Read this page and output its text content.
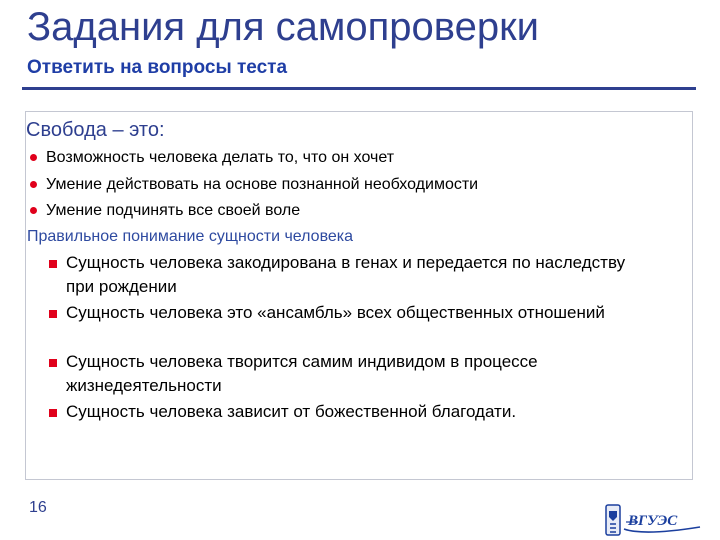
Задания для самопроверки
Ответить на вопросы теста
Свобода – это:
Возможность человека делать то, что он хочет
Умение действовать на основе познанной необходимости
Умение подчинять все своей воле
Правильное понимание сущности человека
Сущность человека закодирована в генах и передается по наследству при рождении
Сущность человека это «ансамбль» всех общественных отношений
Сущность человека творится самим индивидом в процессе жизнедеятельности
Сущность человека зависит от божественной благодати.
16
ВГУЭС
